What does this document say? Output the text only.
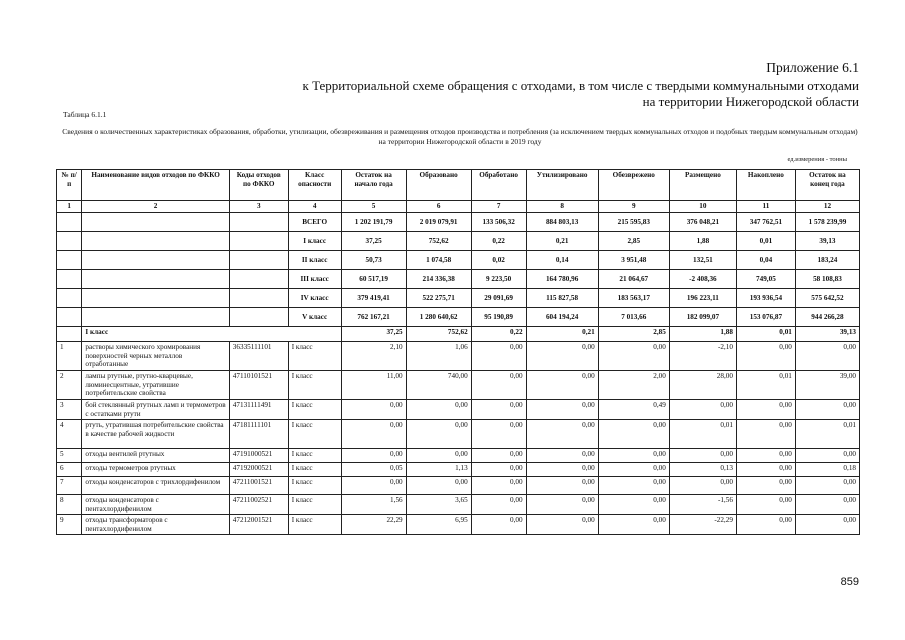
Приложение 6.1
к Территориальной схеме обращения с отходами, в том числе с твердыми коммунальными отходами
на территории Нижегородской области
Таблица 6.1.1
Сведения о количественных характеристиках образования, обработки, утилизации, обезвреживания и размещения отходов производства и потребления (за исключением твердых коммунальных отходов и подобных твердым коммунальным отходам) на территории Нижегородской области в 2019 году
ед.измерения - тонны
№ п/п	Наименование видов отходов по ФККО	Коды отходов по ФККО	Класс опасности	Остаток на начало года	Образовано	Обработано	Утилизировано	Обезврежено	Размещено	Накоплено	Остаток на конец года
1	2	3	4	5	6	7	8	9	10	11	12
			ВСЕГО	1 202 191,79	2 019 079,91	133 506,32	884 803,13	215 595,83	376 048,21	347 762,51	1 578 239,99
			I класс	37,25	752,62	0,22	0,21	2,85	1,88	0,01	39,13
			II класс	50,73	1 074,58	0,02	0,14	3 951,48	132,51	0,04	183,24
			III класс	60 517,19	214 336,38	9 223,50	164 780,96	21 064,67	-2 408,36	749,05	58 108,83
			IV класс	379 419,41	522 275,71	29 091,69	115 827,58	183 563,17	196 223,11	193 936,54	575 642,52
			V класс	762 167,21	1 280 640,62	95 190,89	604 194,24	7 013,66	182 099,07	153 076,87	944 266,28
	I класс			37,25	752,62	0,22	0,21	2,85	1,88	0,01	39,13
1	растворы химического хромирования поверхностей черных металлов отработанные	36335111101	I класс	2,10	1,06	0,00	0,00	0,00	-2,10	0,00	0,00
2	лампы ртутные, ртутно-кварцевые, люминесцентные, утратившие потребительские свойства	47110101521	I класс	11,00	740,00	0,00	0,00	2,00	28,00	0,01	39,00
3	бой стеклянный ртутных ламп и термометров с остатками ртути	47131111491	I класс	0,00	0,00	0,00	0,00	0,49	0,00	0,00	0,00
4	ртуть, утратившая потребительские свойства в качестве рабочей жидкости	47181111101	I класс	0,00	0,00	0,00	0,00	0,00	0,01	0,00	0,01
5	отходы вентилей ртутных	47191000521	I класс	0,00	0,00	0,00	0,00	0,00	0,00	0,00	0,00
6	отходы термометров ртутных	47192000521	I класс	0,05	1,13	0,00	0,00	0,00	0,13	0,00	0,18
7	отходы конденсаторов с трихлордифенилом	47211001521	I класс	0,00	0,00	0,00	0,00	0,00	0,00	0,00	0,00
8	отходы конденсаторов с пентахлордифенилом	47211002521	I класс	1,56	3,65	0,00	0,00	0,00	-1,56	0,00	0,00
9	отходы трансформаторов с пентахлордифенилом	47212001521	I класс	22,29	6,95	0,00	0,00	0,00	-22,29	0,00	0,00
859
